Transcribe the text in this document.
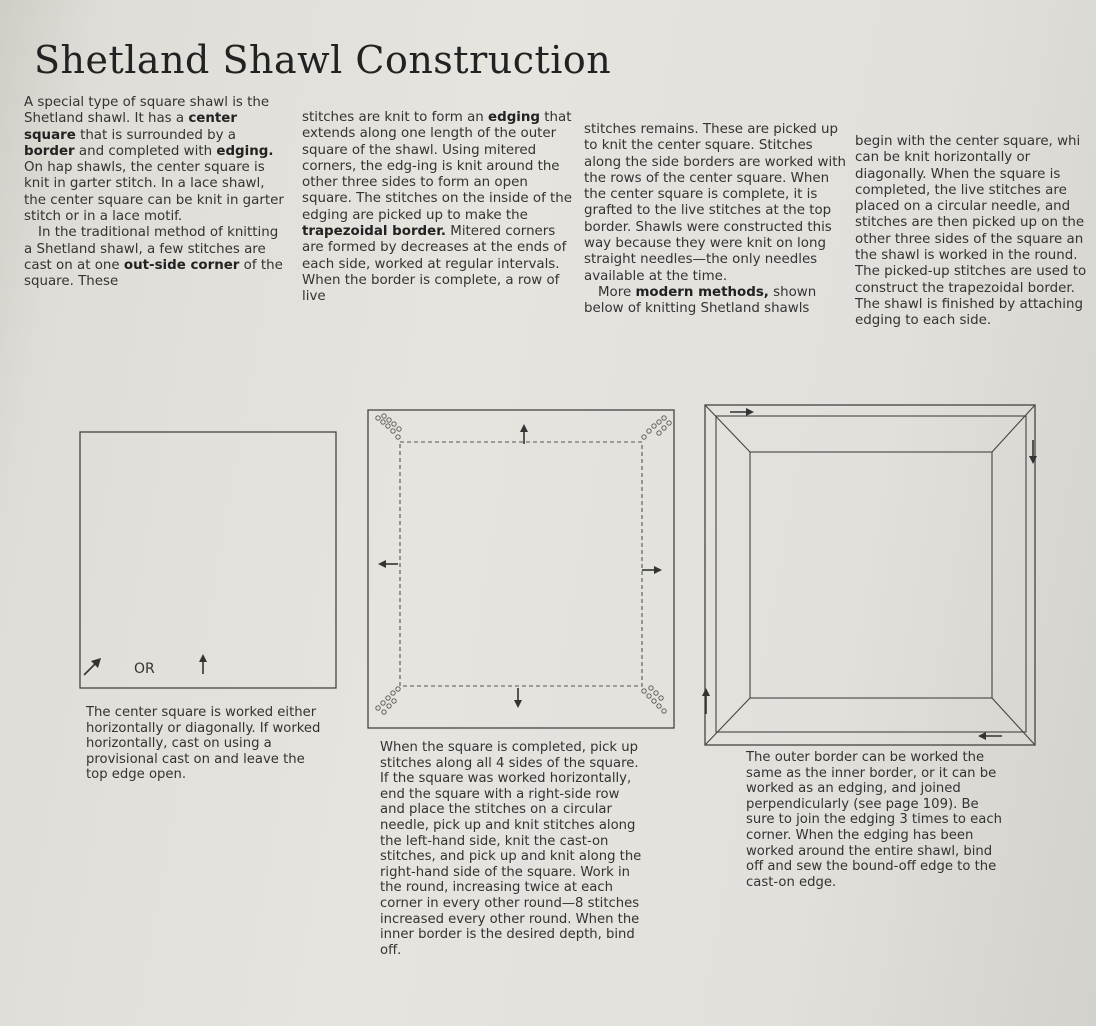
Shetland Shawl Construction

A special type of square shawl is the Shetland shawl. It has a center square that is surrounded by a border and completed with edging. On hap shawls, the center square is knit in garter stitch. In a lace shawl, the center square can be knit in garter stitch or in a lace motif.

In the traditional method of knitting a Shetland shawl, a few stitches are cast on at one out-side corner of the square. These

stitches are knit to form an edging that extends along one length of the outer square of the shawl. Using mitered corners, the edg-ing is knit around the other three sides to form an open square. The stitches on the inside of the edging are picked up to make the trapezoidal border. Mitered corners are formed by decreases at the ends of each side, worked at regular intervals. When the border is complete, a row of live

stitches remains. These are picked up to knit the center square. Stitches along the side borders are worked with the rows of the center square. When the center square is complete, it is grafted to the live stitches at the top border. Shawls were constructed this way because they were knit on long straight needles—the only needles available at the time.

More modern methods, shown below of knitting Shetland shawls

begin with the center square, whi can be knit horizontally or diagonally. When the square is completed, the live stitches are placed on a circular needle, and stitches are then picked up on the other three sides of the square an the shawl is worked in the round. The picked-up stitches are used to construct the trapezoidal border. The shawl is finished by attaching edging to each side.

OR

The center square is worked either horizontally or diagonally. If worked horizontally, cast on using a provisional cast on and leave the top edge open.

When the square is completed, pick up stitches along all 4 sides of the square. If the square was worked horizontally, end the square with a right-side row and place the stitches on a circular needle, pick up and knit stitches along the left-hand side, knit the cast-on stitches, and pick up and knit along the right-hand side of the square. Work in the round, increasing twice at each corner in every other round—8 stitches increased every other round. When the inner border is the desired depth, bind off.

The outer border can be worked the same as the inner border, or it can be worked as an edging, and joined perpendicularly (see page 109). Be sure to join the edging 3 times to each corner. When the edging has been worked around the entire shawl, bind off and sew the bound-off edge to the cast-on edge.
